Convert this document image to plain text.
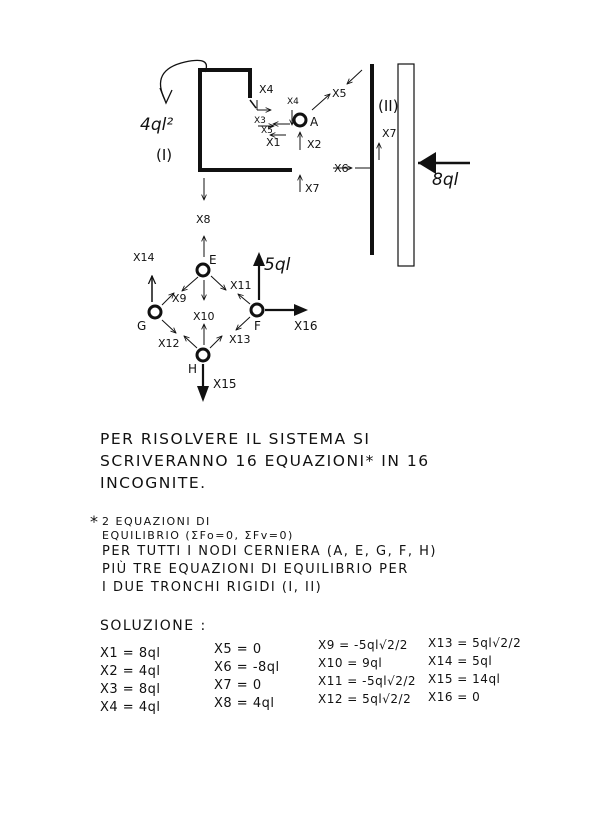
4ql²
(I)
(II)
8ql
5ql
X16
X15
A
E
G	F
H
X4
X4
X3
X5
X1 X2
X5
X6
X7
X7
X8
X14
X9
X10
X11
X12	X13
PER RISOLVERE IL SISTEMA SI
SCRIVERANNO 16 EQUAZIONI* IN 16
INCOGNITE.
* 2 EQUAZIONI DI
EQUILIBRIO (ΣFo=0, ΣFv=0)
PER TUTTI I NODI CERNIERA (A, E, G, F, H)
PIÙ TRE EQUAZIONI DI EQUILIBRIO PER
I DUE TRONCHI RIGIDI (I, II)
SOLUZIONE :
X1 = 8ql
X2 = 4ql
X3 = 8ql
X4 = 4ql
X5 = 0
X6 = -8ql
X7 = 0
X8 = 4ql
X9 = -5ql√2/2
X10 = 9ql
X11 = -5ql√2/2
X12 = 5ql√2/2
X13 = 5ql√2/2
X14 = 5ql
X15 = 14ql
X16 = 0
